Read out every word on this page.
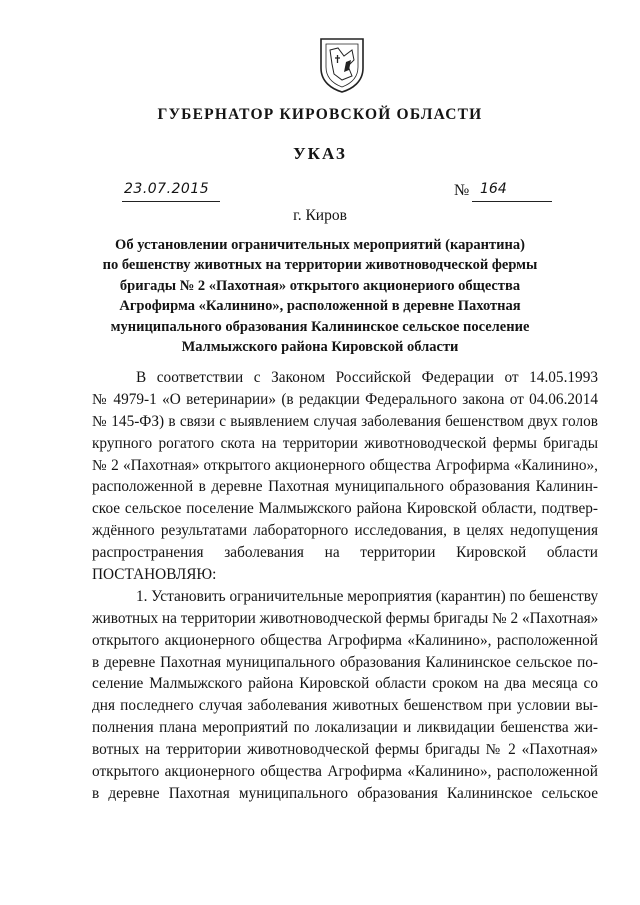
ГУБЕРНАТОР КИРОВСКОЙ ОБЛАСТИ
УКАЗ
23.07.2015	№ 164
г. Киров
Об установлении ограничительных мероприятий (карантина)
по бешенству животных на территории животноводческой фермы
бригады № 2 «Пахотная» открытого акционериого общества
Агрофирма «Калинино», расположенной в деревне Пахотная
муниципального образования Калининское сельское поселение
Малмыжского района Кировской области
В соответствии с Законом Российской Федерации от 14.05.1993
№ 4979-1 «О ветеринарии» (в редакции Федерального закона от 04.06.2014
№ 145-ФЗ) в связи с выявлением случая заболевания бешенством двух голов
крупного рогатого скота на территории животноводческой фермы бригады
№ 2 «Пахотная» открытого акционерного общества Агрофирма «Калинино»,
расположенной в деревне Пахотная муниципального образования Калинин-
ское сельское поселение Малмыжского района Кировской области, подтвер-
ждённого результатами лабораторного исследования, в целях недопущения
распространения заболевания на территории Кировской области
ПОСТАНОВЛЯЮ:
1. Установить ограничительные мероприятия (карантин) по бешенству
животных на территории животноводческой фермы бригады № 2 «Пахотная»
открытого акционерного общества Агрофирма «Калинино», расположенной
в деревне Пахотная муниципального образования Калининское сельское по-
селение Малмыжского района Кировской области сроком на два месяца со
дня последнего случая заболевания животных бешенством при условии вы-
полнения плана мероприятий по локализации и ликвидации бешенства жи-
вотных на территории животноводческой фермы бригады № 2 «Пахотная»
открытого акционерного общества Агрофирма «Калинино», расположенной
в деревне Пахотная муниципального образования Калининское сельское
